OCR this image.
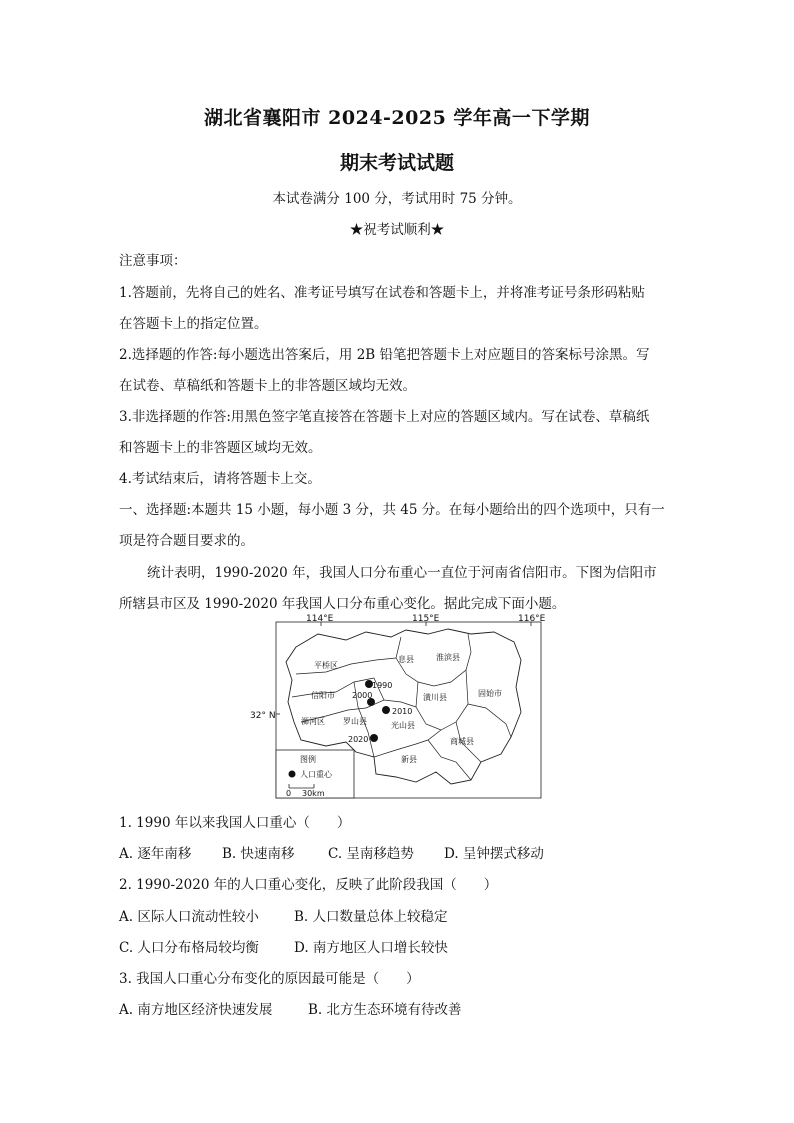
湖北省襄阳市 2024-2025 学年高一下学期
期末考试试题
本试卷满分 100 分，考试用时 75 分钟。
★祝考试顺利★
注意事项：
1.答题前，先将自己的姓名、准考证号填写在试卷和答题卡上，并将准考证号条形码粘贴
在答题卡上的指定位置。
2.选择题的作答:每小题选出答案后，用 2B 铅笔把答题卡上对应题目的答案标号涂黑。写
在试卷、草稿纸和答题卡上的非答题区域均无效。
3.非选择题的作答:用黑色签字笔直接答在答题卡上对应的答题区域内。写在试卷、草稿纸
和答题卡上的非答题区域均无效。
4.考试结束后，请将答题卡上交。
一、选择题:本题共 15 小题，每小题 3 分，共 45 分。在每小题给出的四个选项中，只有一
项是符合题目要求的。
统计表明，1990-2020 年，我国人口分布重心一直位于河南省信阳市。下图为信阳市
所辖县市区及 1990-2020 年我国人口分布重心变化。据此完成下面小题。
114°E	115°E	116°E
32° N
平桥区
信阳市
浉河区 罗山县
息县	淮滨县
潢川县
光山县
固始市
商城县
新县
1990
2000
2010
2020
图例
人口重心
0 30km
1. 1990 年以来我国人口重心（　　）
A. 逐年南移 B. 快速南移 C. 呈南移趋势 D. 呈钟摆式移动
2. 1990-2020 年的人口重心变化，反映了此阶段我国（　　）
A. 区际人口流动性较小	B. 人口数量总体上较稳定
C. 人口分布格局较均衡	D. 南方地区人口增长较快
3. 我国人口重心分布变化的原因最可能是（　　）
A. 南方地区经济快速发展	B. 北方生态环境有待改善
